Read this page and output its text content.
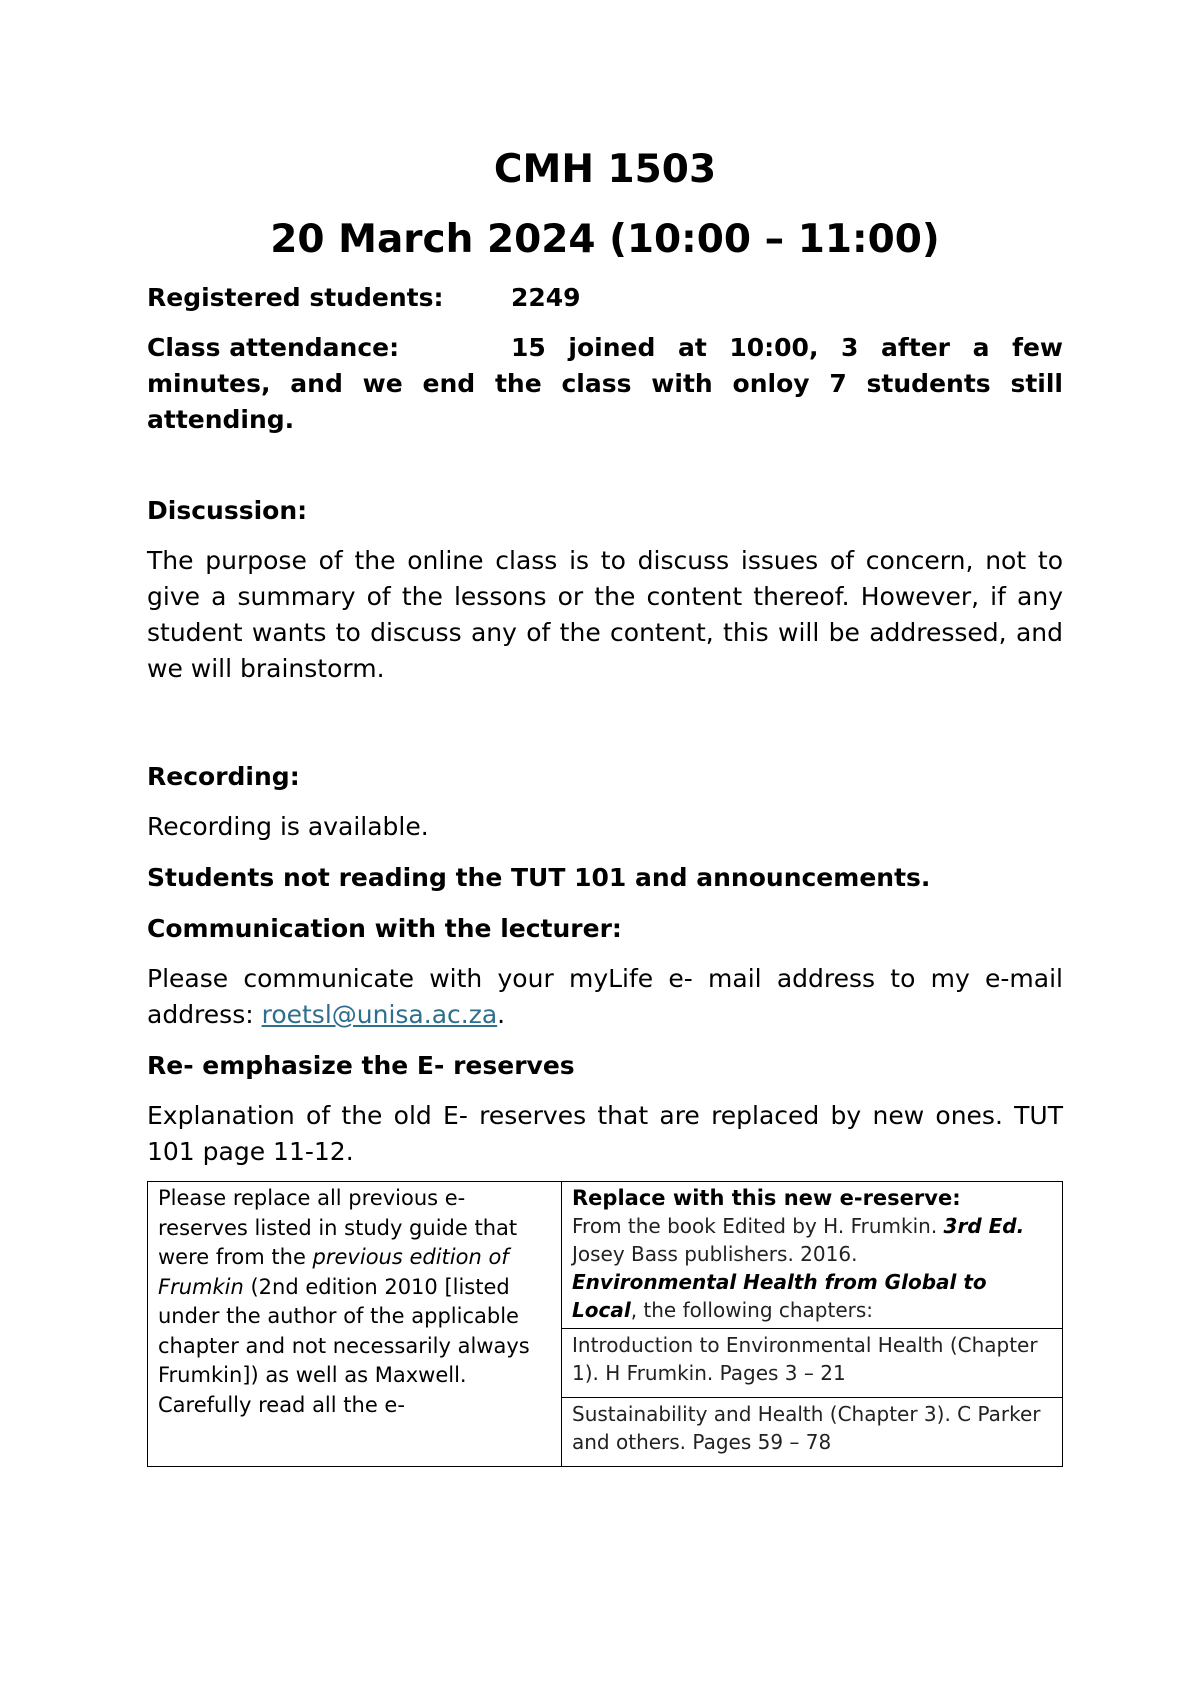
CMH 1503
20 March 2024 (10:00 – 11:00)
Registered students:	2249
Class attendance:	15 joined at 10:00, 3 after a few minutes, and we end the class with onloy 7 students still attending.
Discussion:
The purpose of the online class is to discuss issues of concern, not to give a summary of the lessons or the content thereof. However, if any student wants to discuss any of the content, this will be addressed, and we will brainstorm.
Recording:
Recording is available.
Students not reading the TUT 101 and announcements.
Communication with the lecturer:
Please communicate with your myLife e- mail address to my e-mail address: roetsl@unisa.ac.za.
Re- emphasize the E- reserves
Explanation of the old E- reserves that are replaced by new ones. TUT 101 page 11-12.
Please replace all previous e-reserves listed in study guide that were from the previous edition of Frumkin (2nd edition 2010 [listed under the author of the applicable chapter and not necessarily always Frumkin]) as well as Maxwell. Carefully read all the e-	
Replace with this new e-reserve:
From the book Edited by H. Frumkin. 3rd Ed. Josey Bass publishers. 2016.
Environmental Health from Global to Local, the following chapters:
Introduction to Environmental Health (Chapter 1). H Frumkin. Pages 3 – 21
Sustainability and Health (Chapter 3). C Parker and others. Pages 59 – 78
